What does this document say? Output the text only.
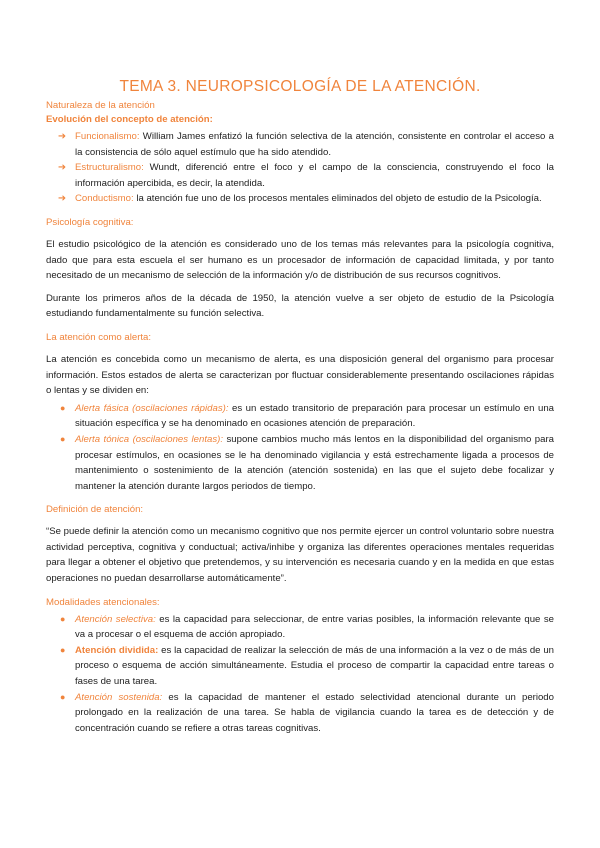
TEMA 3. NEUROPSICOLOGÍA DE LA ATENCIÓN.
Naturaleza de la atención
Evolución del concepto de atención:
➔ Funcionalismo: William James enfatizó la función selectiva de la atención, consistente en controlar el acceso a la consistencia de sólo aquel estímulo que ha sido atendido.
➔ Estructuralismo: Wundt, diferenció entre el foco y el campo de la consciencia, construyendo el foco la información apercibida, es decir, la atendida.
➔ Conductismo: la atención fue uno de los procesos mentales eliminados del objeto de estudio de la Psicología.
Psicología cognitiva:

El estudio psicológico de la atención es considerado uno de los temas más relevantes para la psicología cognitiva, dado que para esta escuela el ser humano es un procesador de información de capacidad limitada, y por tanto necesitado de un mecanismo de selección de la información y/o de distribución de sus recursos cognitivos.

Durante los primeros años de la década de 1950, la atención vuelve a ser objeto de estudio de la Psicología estudiando fundamentalmente su función selectiva.

La atención como alerta:

La atención es concebida como un mecanismo de alerta, es una disposición general del organismo para procesar información. Estos estados de alerta se caracterizan por fluctuar considerablemente presentando oscilaciones rápidas o lentas y se dividen en:

● Alerta fásica (oscilaciones rápidas): es un estado transitorio de preparación para procesar un estímulo en una situación específica y se ha denominado en ocasiones atención de preparación.
● Alerta tónica (oscilaciones lentas): supone cambios mucho más lentos en la disponibilidad del organismo para procesar estímulos, en ocasiones se le ha denominado vigilancia y está estrechamente ligada a procesos de mantenimiento o sostenimiento de la atención (atención sostenida) en las que el sujeto debe focalizar y mantener la atención durante largos periodos de tiempo.
Definición de atención:

“Se puede definir la atención como un mecanismo cognitivo que nos permite ejercer un control voluntario sobre nuestra actividad perceptiva, cognitiva y conductual; activa/inhibe y organiza las diferentes operaciones mentales requeridas para llegar a obtener el objetivo que pretendemos, y su intervención es necesaria cuando y en la medida en que estas operaciones no puedan desarrollarse automáticamente”.

Modalidades atencionales:
● Atención selectiva: es la capacidad para seleccionar, de entre varias posibles, la información relevante que se va a procesar o el esquema de acción apropiado.
● Atención dividida: es la capacidad de realizar la selección de más de una información a la vez o de más de un proceso o esquema de acción simultáneamente. Estudia el proceso de compartir la capacidad entre tareas o fases de una tarea.
● Atención sostenida: es la capacidad de mantener el estado selectividad atencional durante un periodo prolongado en la realización de una tarea. Se habla de vigilancia cuando la tarea es de detección y de concentración cuando se refiere a otras tareas cognitivas.
